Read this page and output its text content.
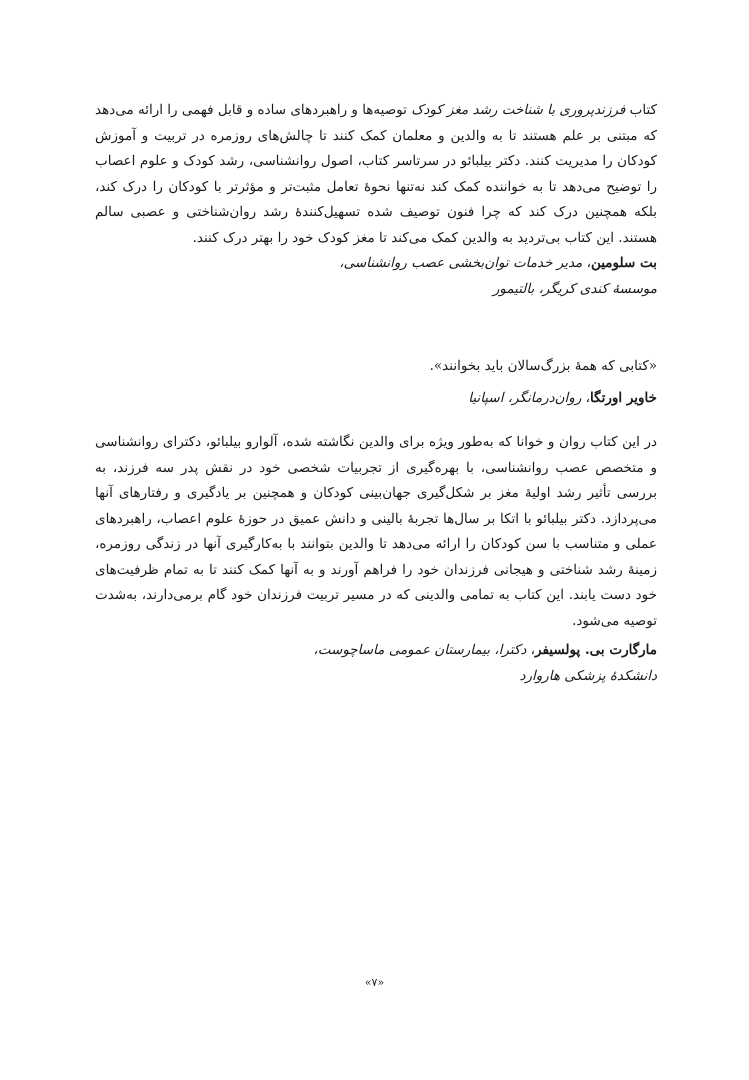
کتاب فرزندپروری با شناخت رشد مغز کودک توصیه‌ها و راهبردهای ساده و قابل فهمی را ارائه می‌دهد که مبتنی بر علم هستند تا به والدین و معلمان کمک کنند تا چالش‌های روزمره در تربیت و آموزش کودکان را مدیریت کنند. دکتر بیلبائو در سرتاسر کتاب، اصول روانشناسی، رشد کودک و علوم اعصاب را توضیح می‌دهد تا به خواننده کمک کند نه‌تنها نحوهٔ تعامل مثبت‌تر و مؤثرتر با کودکان را درک کند، بلکه همچنین درک کند که چرا فنون توصیف شده تسهیل‌کنندهٔ رشد روان‌شناختی و عصبی سالم هستند. این کتاب بی‌تردید به والدین کمک می‌کند تا مغز کودک خود را بهتر درک کنند.

بت سلومین، مدیر خدمات توان‌بخشی عصب روانشناسی،

موسسهٔ کندی کریگر، بالتیمور

«کتابی که همهٔ بزرگ‌سالان باید بخوانند».

خاویر اورتگا، روان‌درمانگر، اسپانیا

در این کتاب روان و خوانا که به‌طور ویژه برای والدین نگاشته شده، آلوارو بیلبائو، دکترای روانشناسی و متخصص عصب روانشناسی، با بهره‌گیری از تجربیات شخصی خود در نقش پدر سه فرزند، به بررسی تأثیر رشد اولیهٔ مغز بر شکل‌گیری جهان‌بینی کودکان و همچنین بر یادگیری و رفتارهای آنها می‌پردازد. دکتر بیلبائو با اتکا بر سال‌ها تجربهٔ بالینی و دانش عمیق در حوزهٔ علوم اعصاب، راهبردهای عملی و متناسب با سن کودکان را ارائه می‌دهد تا والدین بتوانند با به‌کارگیری آنها در زندگی روزمره، زمینهٔ رشد شناختی و هیجانی فرزندان خود را فراهم آورند و به آنها کمک کنند تا به تمام ظرفیت‌های خود دست یابند. این کتاب به تمامی والدینی که در مسیر تربیت فرزندان خود گام برمی‌دارند، به‌شدت توصیه می‌شود.

مارگارت بی. پولسیفر، دکترا، بیمارستان عمومی ماساچوست،

دانشکدهٔ پزشکی هاروارد

«۷»
